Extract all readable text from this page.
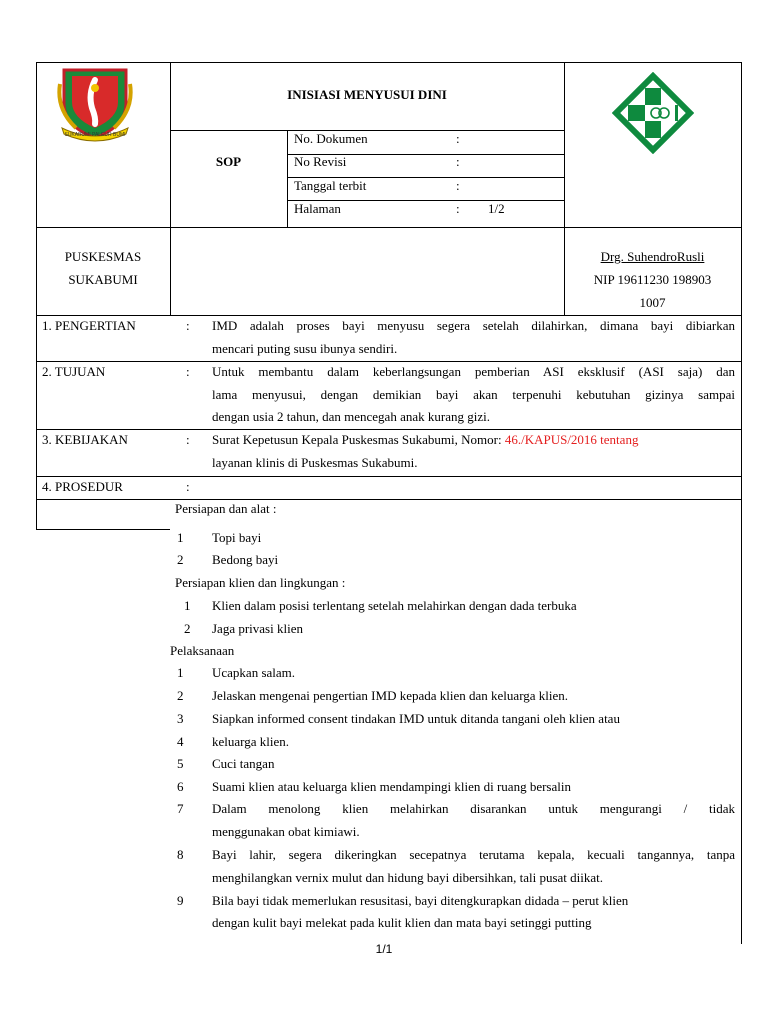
SUKABUMI PALEUR BUMI
INISIASI MENYUSUI DINI
SOP
No. Dokumen	:
No Revisi	:
Tanggal terbit	:
Halaman	: 1/2
PUSKESMAS
SUKABUMI
Drg. SuhendroRusli
NIP 19611230 198903
1007
1. PENGERTIAN	: IMD adalah proses bayi menyusu segera setelah dilahirkan, dimana bayi dibiarkan
mencari puting susu ibunya sendiri.
2. TUJUAN	: Untuk membantu dalam keberlangsungan pemberian ASI eksklusif (ASI saja) dan
lama menyusui, dengan demikian bayi akan terpenuhi kebutuhan gizinya sampai
dengan usia 2 tahun, dan mencegah anak kurang gizi.
3. KEBIJAKAN	: Surat Kepetusun Kepala Puskesmas Sukabumi, Nomor: 46./KAPUS/2016 tentang
layanan klinis di Puskesmas Sukabumi.
4. PROSEDUR	:
Persiapan dan alat :
1 Topi bayi
2 Bedong bayi
Persiapan klien dan lingkungan :
1 Klien dalam posisi terlentang setelah melahirkan dengan dada terbuka
2 Jaga privasi klien
Pelaksanaan
1 Ucapkan salam.
2 Jelaskan mengenai pengertian IMD kepada klien dan keluarga klien.
3 Siapkan informed consent tindakan IMD untuk ditanda tangani oleh klien atau
4 keluarga klien.
5 Cuci tangan
6 Suami klien atau keluarga klien mendampingi klien di ruang bersalin
7 Dalam menolong klien melahirkan disarankan untuk mengurangi / tidak
menggunakan obat kimiawi.
8 Bayi lahir, segera dikeringkan secepatnya terutama kepala, kecuali tangannya, tanpa
menghilangkan vernix mulut dan hidung bayi dibersihkan, tali pusat diikat.
9 Bila bayi tidak memerlukan resusitasi, bayi ditengkurapkan didada – perut klien
dengan kulit bayi melekat pada kulit klien dan mata bayi setinggi putting
1/1
